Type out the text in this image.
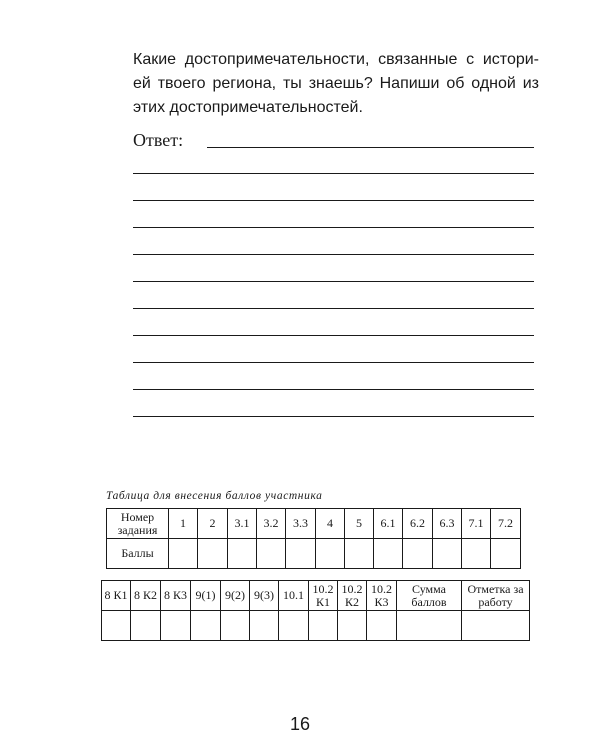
Какие достопримечательности, связанные с истори-
ей твоего региона, ты знаешь? Напиши об одной из
этих достопримечательностей.

Ответ:
Таблица для внесения баллов участника
Номер задания	1	2	3.1	3.2	3.3	4	5	6.1	6.2	6.3	7.1	7.2
Баллы												
8 К1	8 К2	8 К3	9(1)	9(2)	9(3)	10.1	10.2 К1	10.2 К2	10.2 К3	Сумма баллов	Отметка за работу

16
